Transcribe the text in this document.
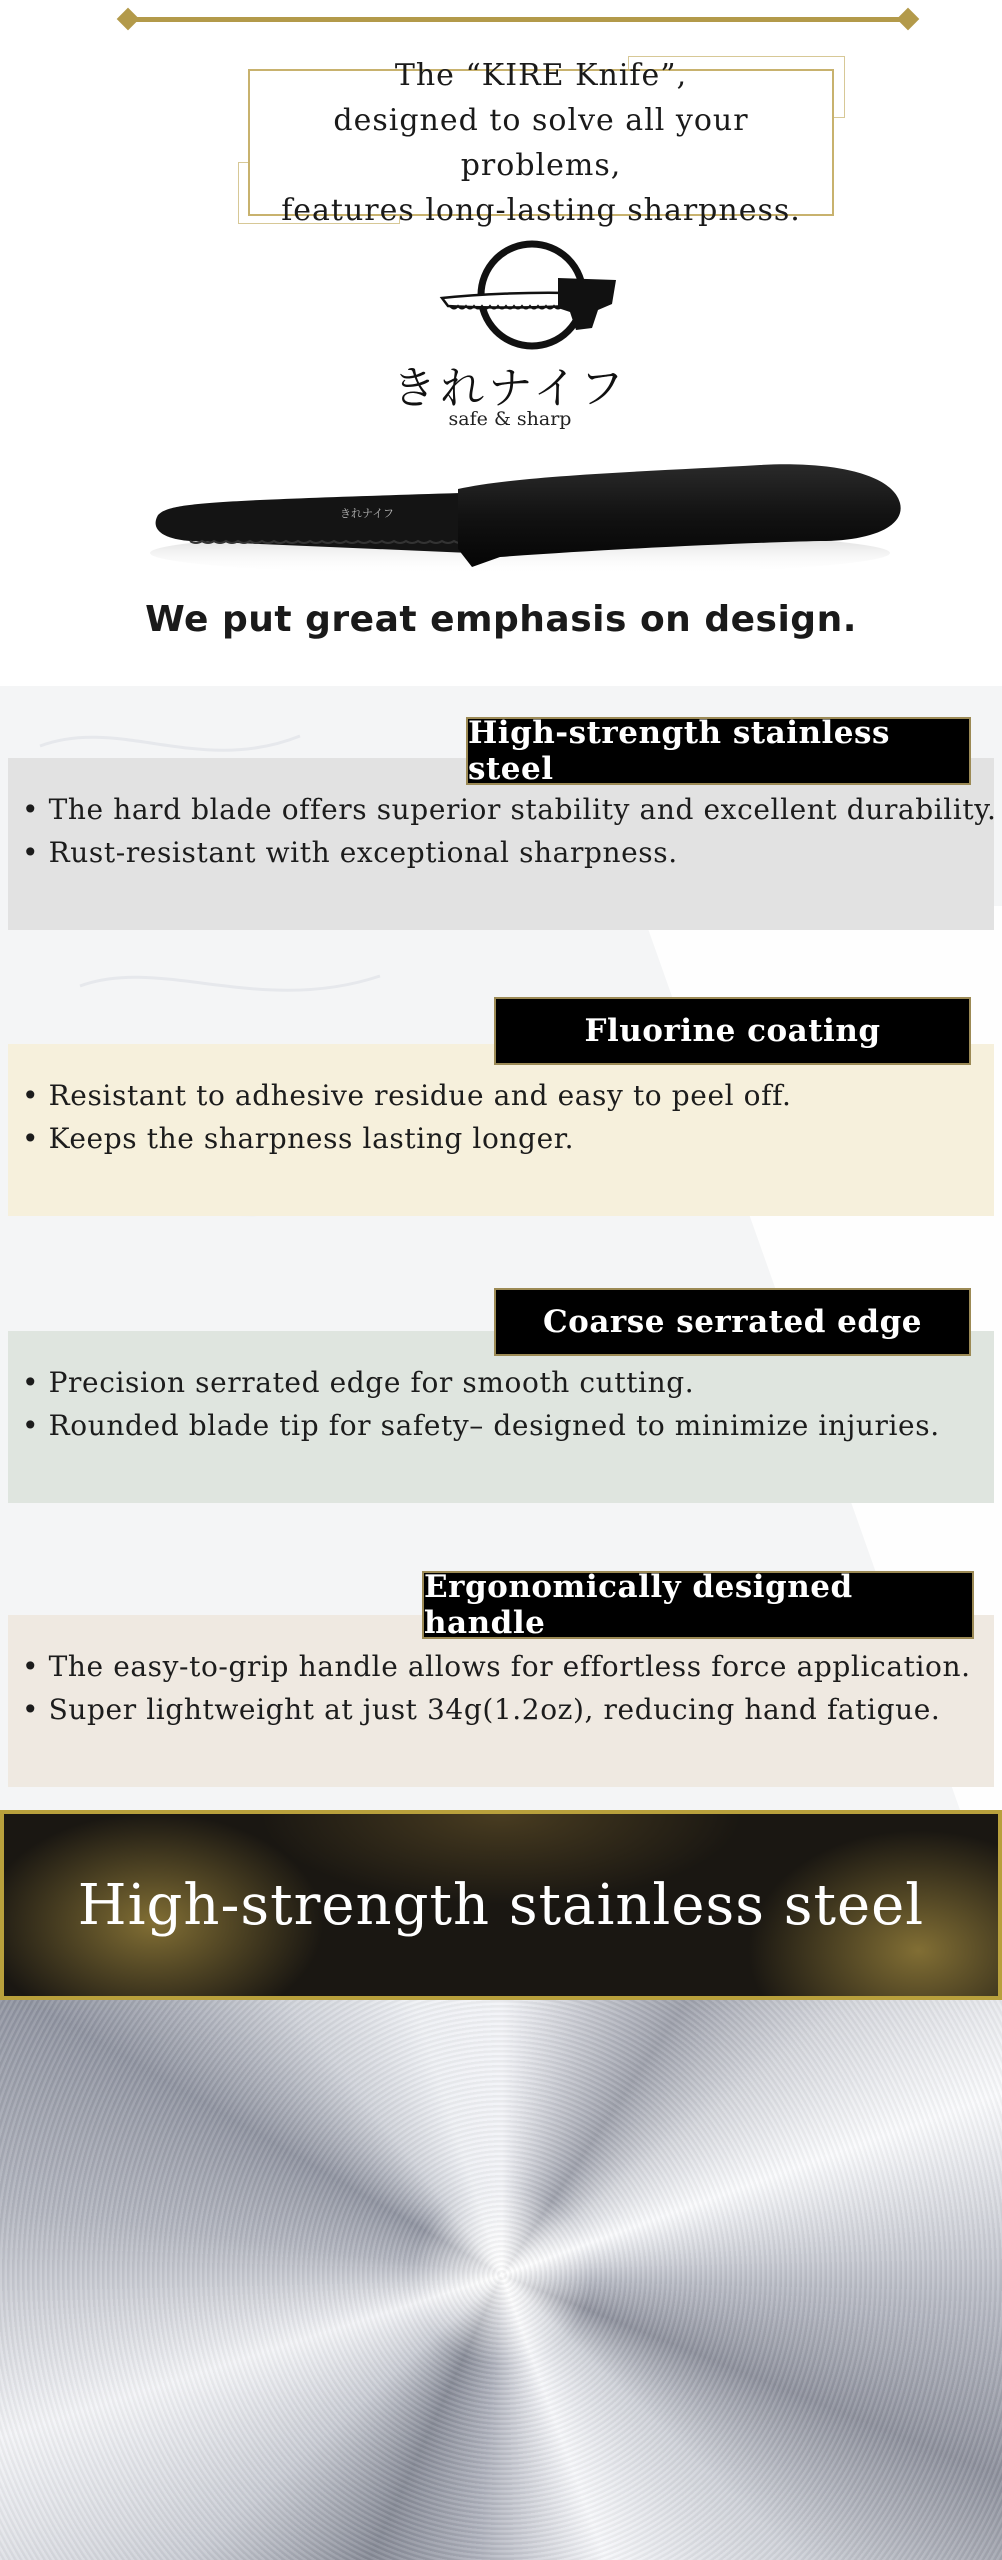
The “KIRE Knife”,
designed to solve all your problems,
features long-lasting sharpness.
きれナイフ
safe & sharp
きれナイフ
We put great emphasis on design.
• The hard blade offers superior stability and excellent durability.
• Rust-resistant with exceptional sharpness.
High-strength stainless steel
• Resistant to adhesive residue and easy to peel off.
• Keeps the sharpness lasting longer.
Fluorine coating
• Precision serrated edge for smooth cutting.
• Rounded blade tip for safety– designed to minimize injuries.
Coarse serrated edge
• The easy-to-grip handle allows for effortless force application.
• Super lightweight at just 34g(1.2oz), reducing hand fatigue.
Ergonomically designed handle
High-strength stainless steel
